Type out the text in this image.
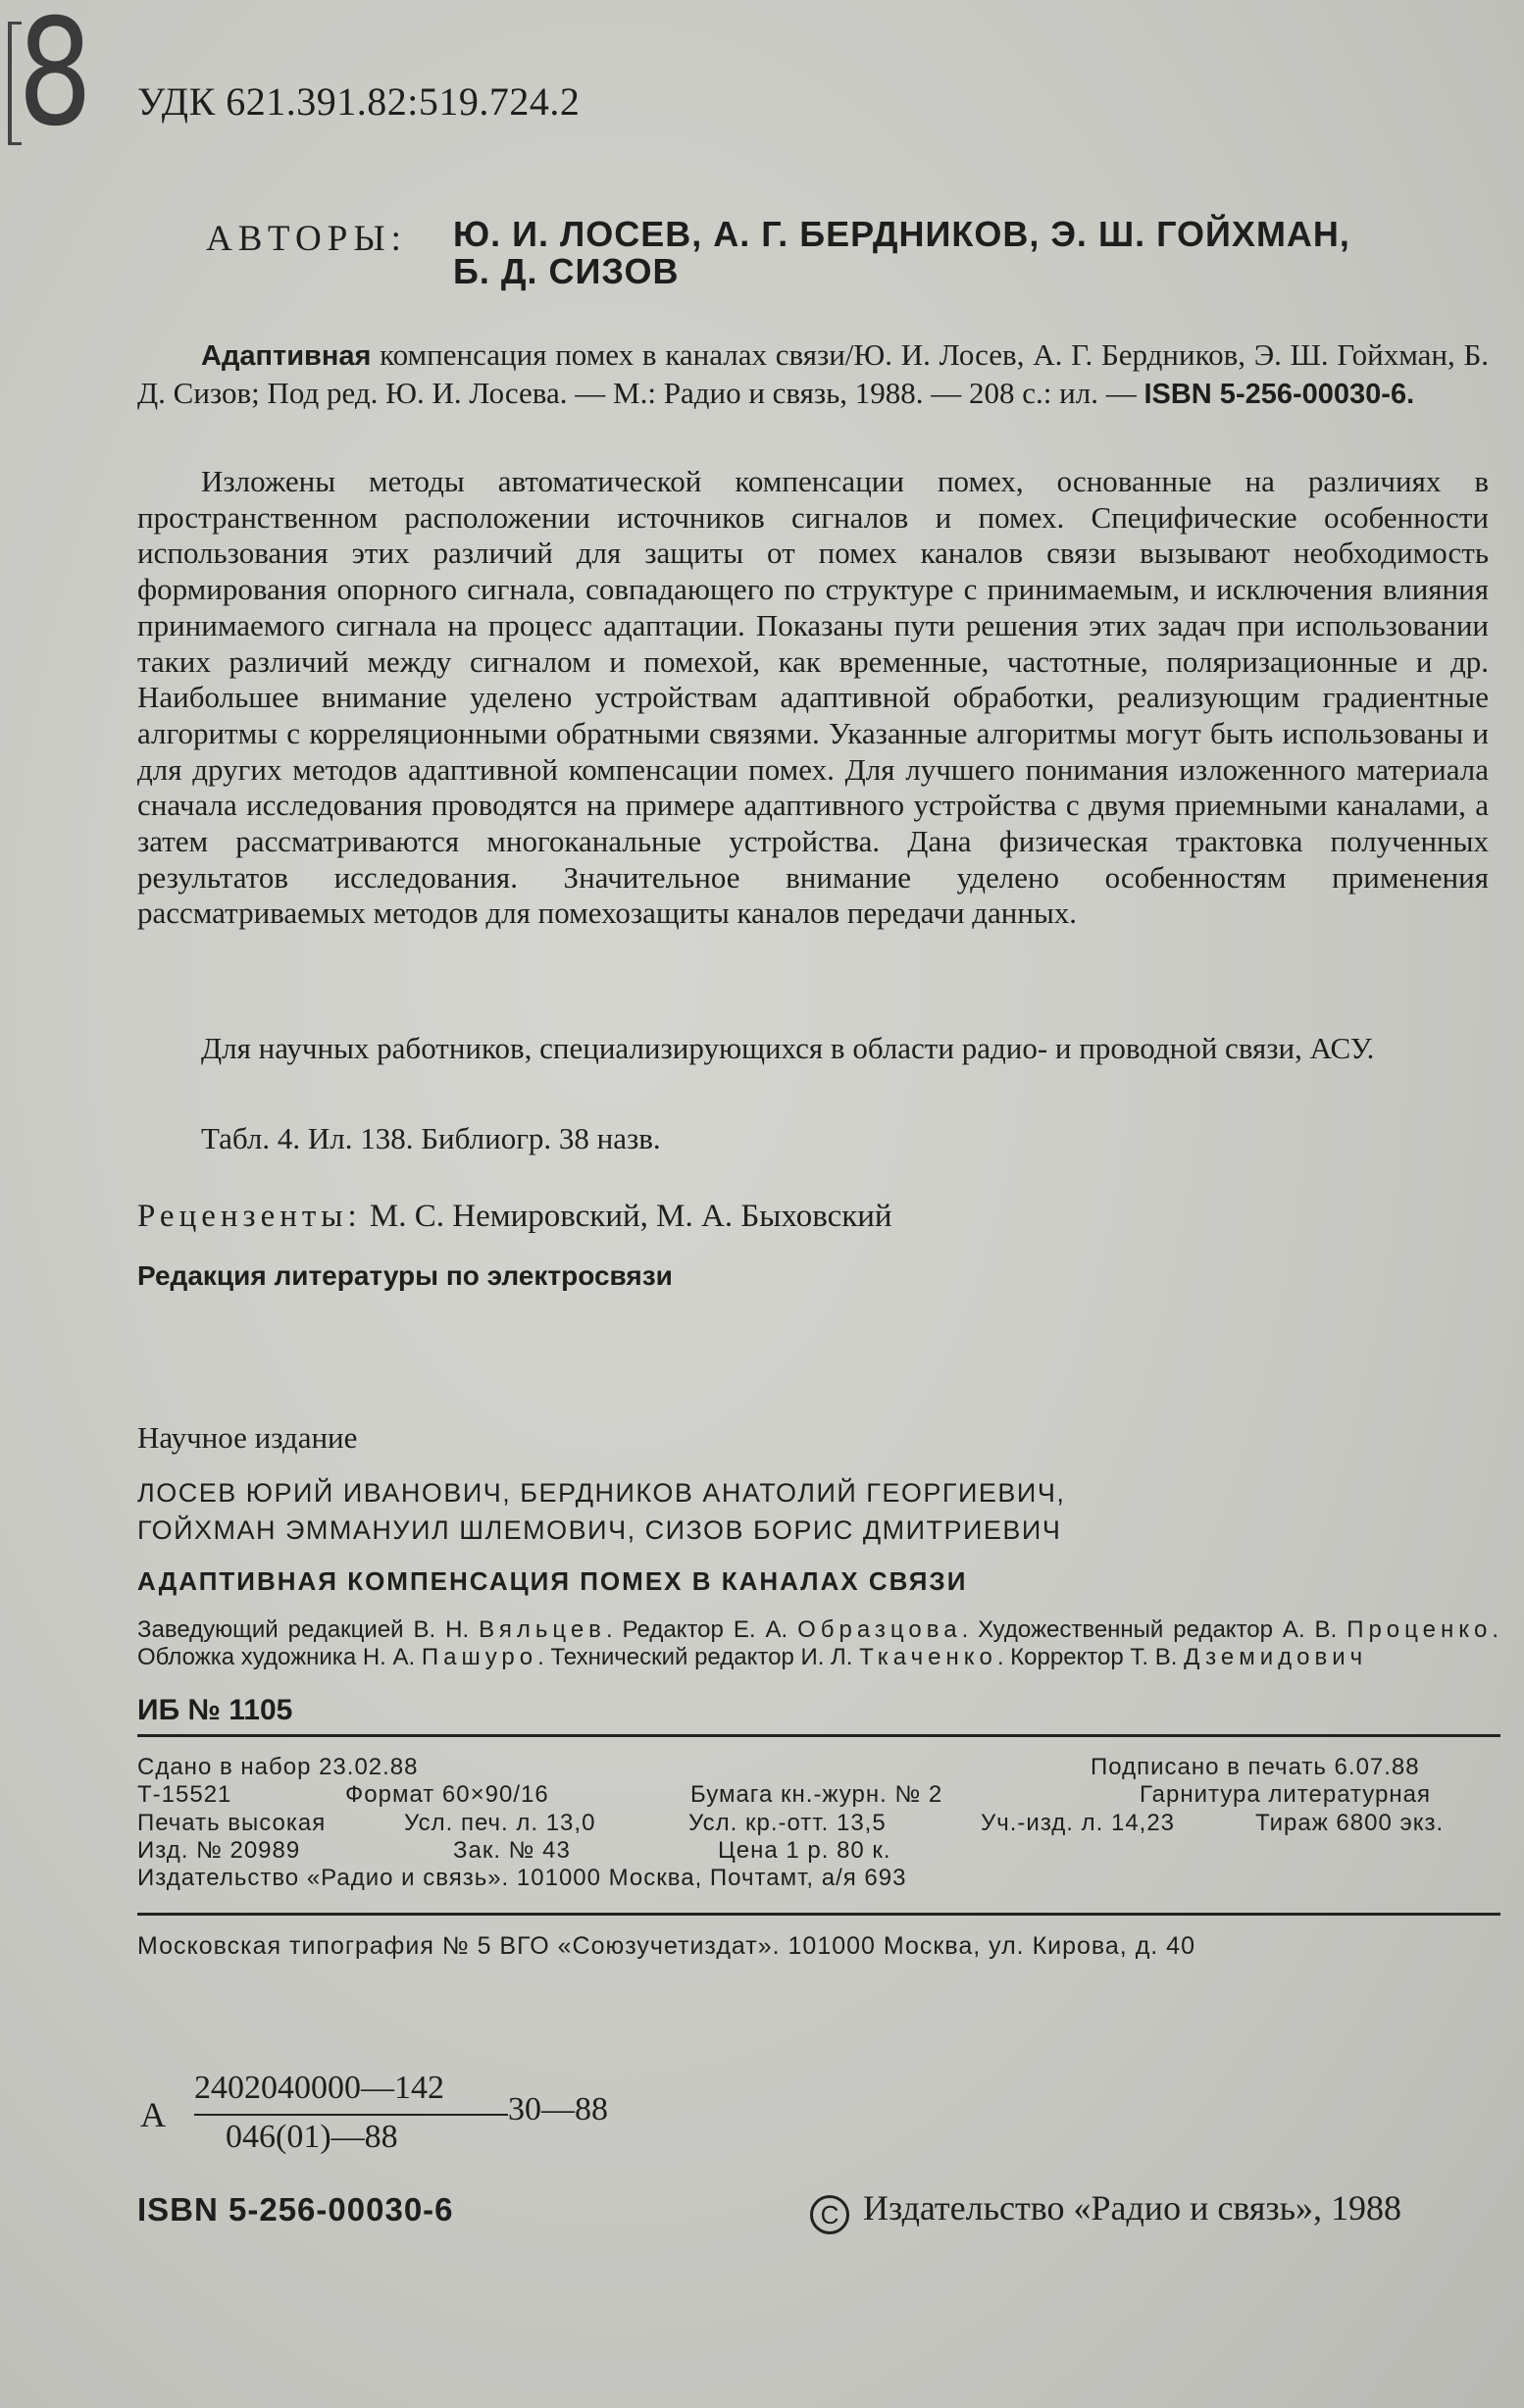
8 УДК 621.391.82:519.724.2
АВТОРЫ: Ю. И. ЛОСЕВ, А. Г. БЕРДНИКОВ, Э. Ш. ГОЙХМАН,
Б. Д. СИЗОВ
Адаптивная компенсация помех в каналах связи/Ю. И. Лосев, А. Г. Бердников, Э. Ш. Гойхман, Б. Д. Сизов; Под ред. Ю. И. Лосева. — М.: Радио и связь, 1988. — 208 с.: ил. — ISBN 5-256-00030-6.
Изложены методы автоматической компенсации помех, основанные на различиях в пространственном расположении источников сигналов и помех. Специфические особенности использования этих различий для защиты от помех каналов связи вызывают необходимость формирования опорного сигнала, совпадающего по структуре с принимаемым, и исключения влияния принимаемого сигнала на процесс адаптации. Показаны пути решения этих задач при использовании таких различий между сигналом и помехой, как временные, частотные, поляризационные и др. Наибольшее внимание уделено устройствам адаптивной обработки, реализующим градиентные алгоритмы с корреляционными обратными связями. Указанные алгоритмы могут быть использованы и для других методов адаптивной компенсации помех. Для лучшего понимания изложенного материала сначала исследования проводятся на примере адаптивного устройства с двумя приемными каналами, а затем рассматриваются многоканальные устройства. Дана физическая трактовка полученных результатов исследования. Значительное внимание уделено особенностям применения рассматриваемых методов для помехозащиты каналов передачи данных.
Для научных работников, специализирующихся в области радио- и проводной связи, АСУ.
Табл. 4. Ил. 138. Библиогр. 38 назв.
Рецензенты: М. С. Немировский, М. А. Быховский
Редакция литературы по электросвязи
Научное издание
ЛОСЕВ ЮРИЙ ИВАНОВИЧ, БЕРДНИКОВ АНАТОЛИЙ ГЕОРГИЕВИЧ,
ГОЙХМАН ЭММАНУИЛ ШЛЕМОВИЧ, СИЗОВ БОРИС ДМИТРИЕВИЧ
АДАПТИВНАЯ КОМПЕНСАЦИЯ ПОМЕХ В КАНАЛАХ СВЯЗИ
Заведующий редакцией В. Н. Вяльцев. Редактор Е. А. Образцова. Художественный редактор А. В. Проценко. Обложка художника Н. А. Пашуро. Технический редактор И. Л. Ткаченко. Корректор Т. В. Дземидович
ИБ № 1105
Сдано в набор 23.02.88	Подписано в печать 6.07.88
Т-15521	Формат 60×90/16	Бумага кн.-журн. № 2	Гарнитура литературная
Печать высокая	Усл. печ. л. 13,0	Усл. кр.-отт. 13,5	Уч.-изд. л. 14,23	Тираж 6800 экз.
Изд. № 20989	Зак. № 43	Цена 1 р. 80 к.
Издательство «Радио и связь». 101000 Москва, Почтамт, а/я 693
Московская типография № 5 ВГО «Союзучетиздат». 101000 Москва, ул. Кирова, д. 40
А
2402040000—142
046(01)—88
30—88
ISBN 5-256-00030-6	С Издательство «Радио и связь», 1988
